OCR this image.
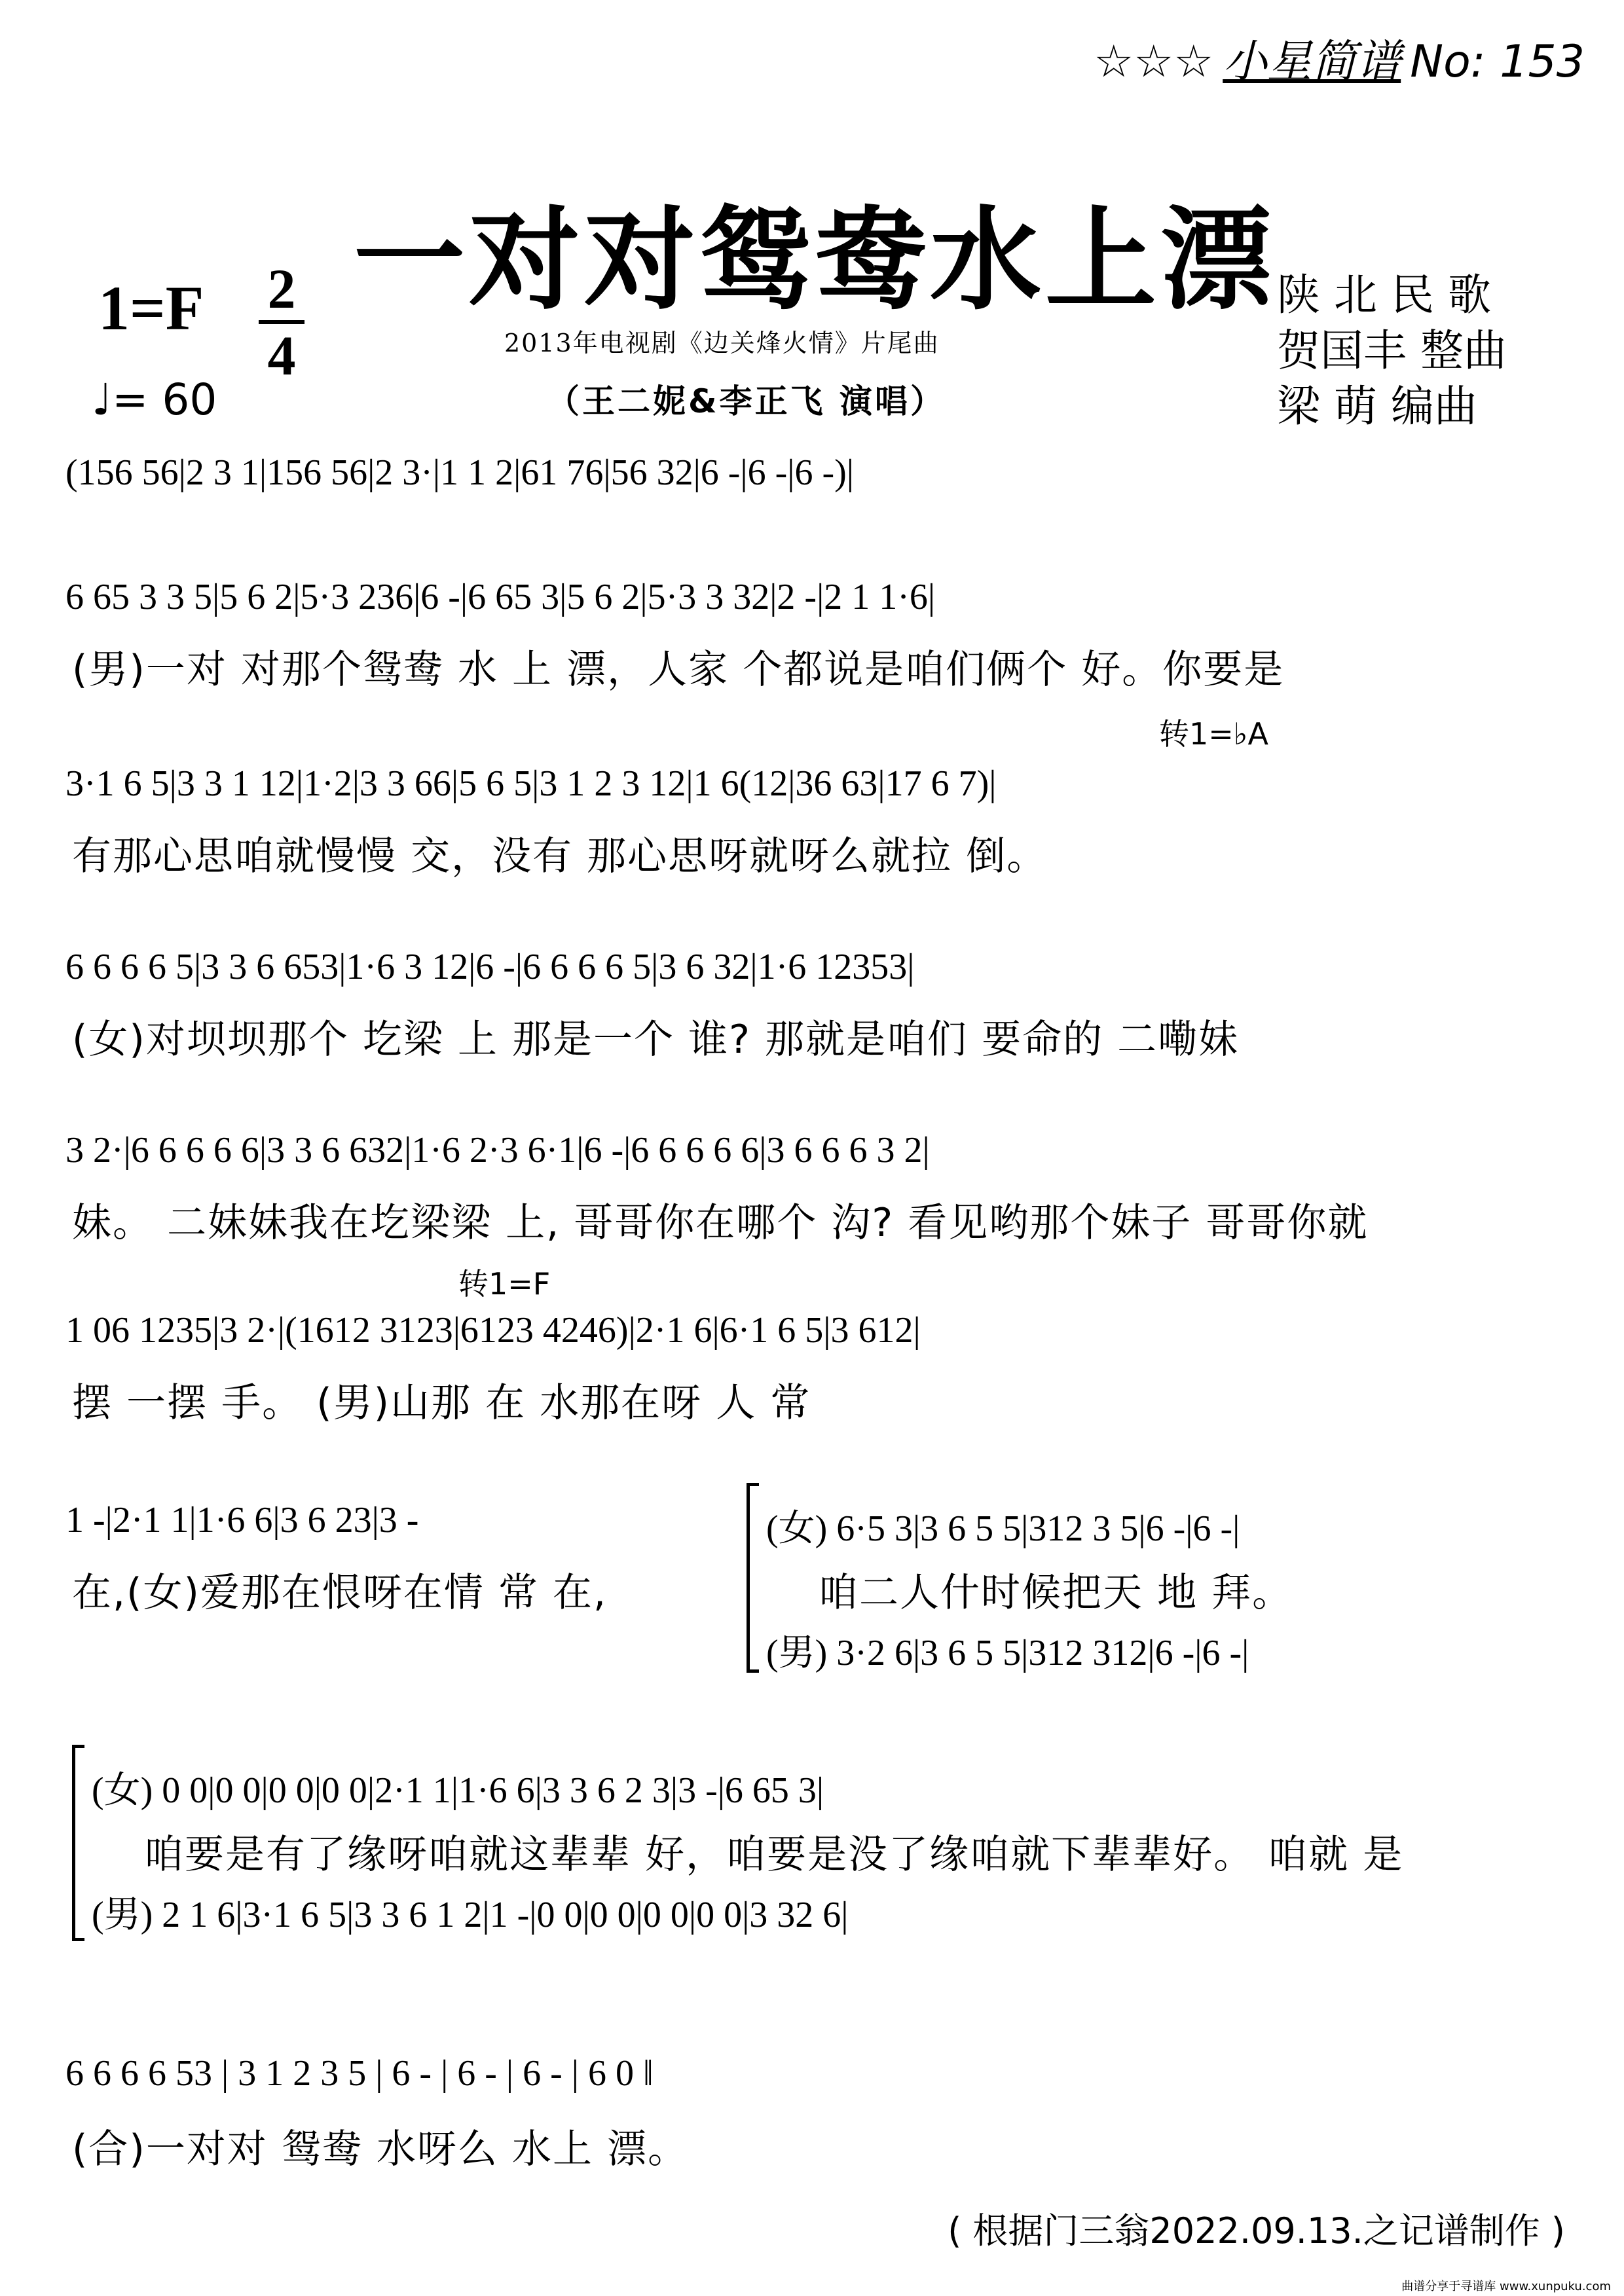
☆☆☆ 小星简谱 No: 153
一对对鸳鸯水上漂
1=F 2
4
♩= 60
2013年电视剧《边关烽火情》片尾曲
（王二妮&李正飞 演唱）
陕 北 民 歌
贺国丰 整曲
梁 萌 编曲
(156 56|2 3 1|156 56|2 3·|1 1 2|61 76|56 32|6 -|6 -|6 -)|
6 65 3 3 5|5 6 2|5·3 236|6 -|6 65 3|5 6 2|5·3 3 32|2 -|2 1 1·6|
(男)一对 对那个鸳鸯 水 上 漂，人家 个都说是咱们俩个 好。你要是
转1=♭A
3·1 6 5|3 3 1 12|1·2|3 3 66|5 6 5|3 1 2 3 12|1 6(12|36 63|17 6 7)|
有那心思咱就慢慢 交，没有 那心思呀就呀么就拉 倒。
6 6 6 6 5|3 3 6 653|1·6 3 12|6 -|6 6 6 6 5|3 6 32|1·6 12353|
(女)对坝坝那个 圪梁 上 那是一个 谁? 那就是咱们 要命的 二嘞妹
3 2·|6 6 6 6 6|3 3 6 632|1·6 2·3 6·1|6 -|6 6 6 6 6|3 6 6 6 3 2|
妹。 二妹妹我在圪梁梁 上, 哥哥你在哪个 沟? 看见哟那个妹子 哥哥你就
转1=F
1 06 1235|3 2·|(1612 3123|6123 4246)|2·1 6|6·1 6 5|3 612|
摆 一摆 手。 (男)山那 在 水那在呀 人 常
1 -|2·1 1|1·6 6|3 6 23|3 -
在,(女)爱那在恨呀在情 常 在,
(女) 6·5 3|3 6 5 5|312 3 5|6 -|6 -|
咱二人什时候把天 地 拜。
(男) 3·2 6|3 6 5 5|312 312|6 -|6 -|
(女) 0 0|0 0|0 0|0 0|2·1 1|1·6 6|3 3 6 2 3|3 -|6 65 3|
咱要是有了缘呀咱就这辈辈 好，咱要是没了缘咱就下辈辈好。 咱就 是
(男) 2 1 6|3·1 6 5|3 3 6 1 2|1 -|0 0|0 0|0 0|0 0|3 32 6|
6 6 6 6 53 | 3 1 2 3 5 | 6 - | 6 - | 6 - | 6 0 ‖
(合)一对对 鸳鸯 水呀么 水上 漂。
( 根据门三翁2022.09.13.之记谱制作 )
曲谱分享于寻谱库 www.xunpuku.com
